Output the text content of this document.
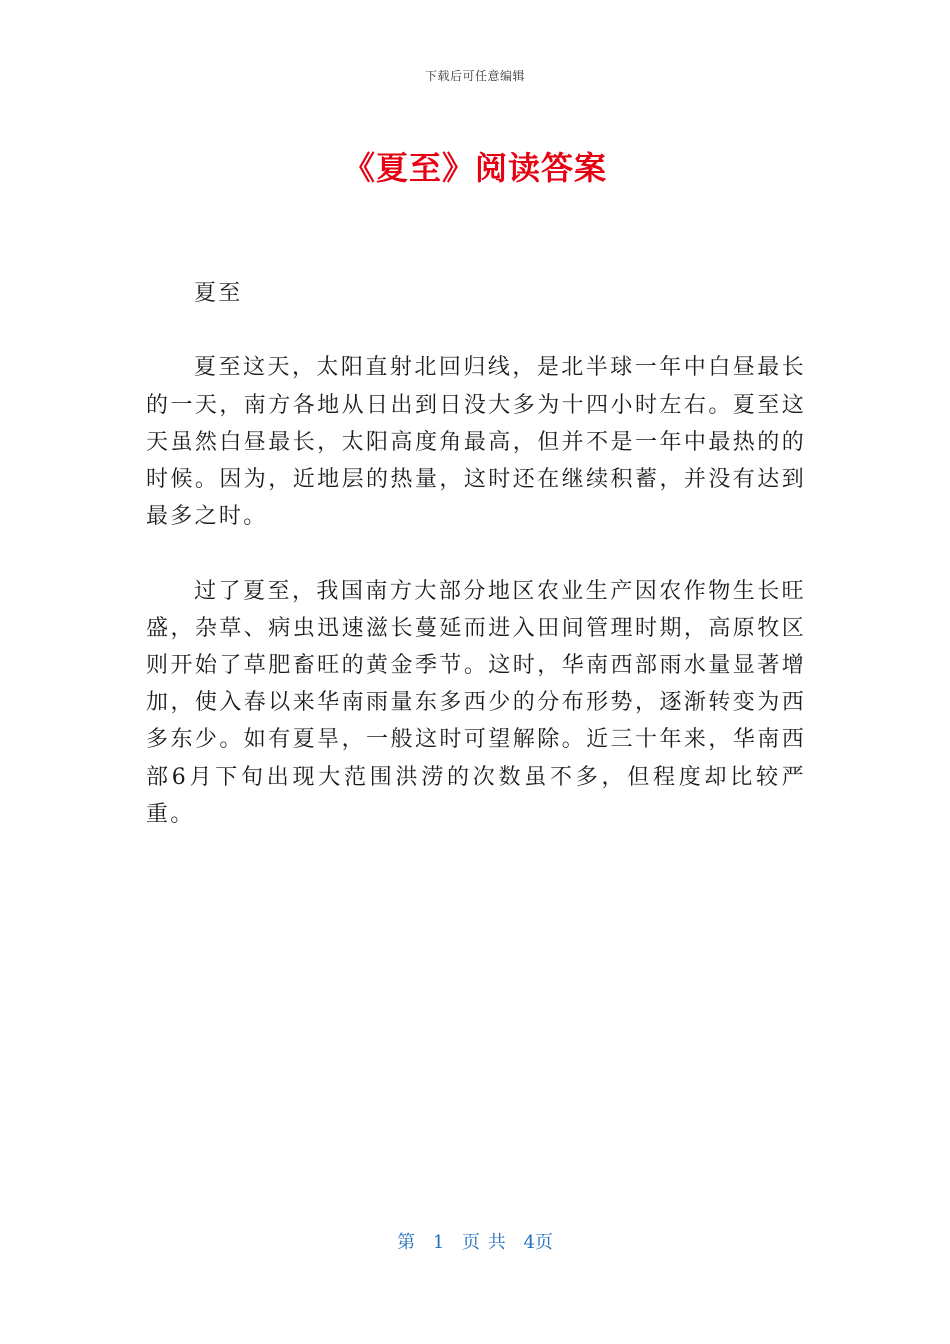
下载后可任意编辑
《夏至》阅读答案

夏至

夏至这天，太阳直射北回归线，是北半球一年中白昼最长的一天，南方各地从日出到日没大多为十四小时左右。夏至这天虽然白昼最长，太阳高度角最高，但并不是一年中最热的的时候。因为，近地层的热量，这时还在继续积蓄，并没有达到最多之时。

过了夏至，我国南方大部分地区农业生产因农作物生长旺盛，杂草、病虫迅速滋长蔓延而进入田间管理时期，高原牧区则开始了草肥畜旺的黄金季节。这时，华南西部雨水量显著增加，使入春以来华南雨量东多西少的分布形势，逐渐转变为西多东少。如有夏旱，一般这时可望解除。近三十年来，华南西部6月下旬出现大范围洪涝的次数虽不多，但程度却比较严重。

第 1 页 共 4页
